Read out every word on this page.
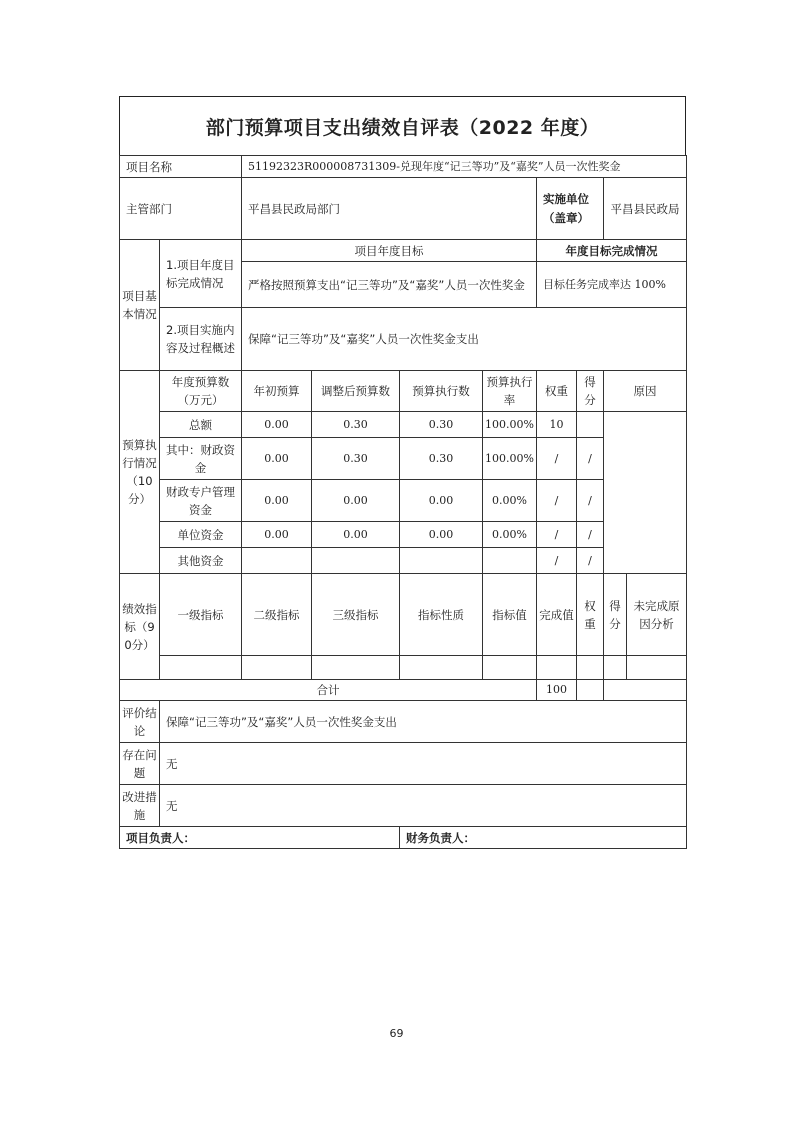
部门预算项目支出绩效自评表（2022 年度）
项目名称		51192323R000008731309-兑现年度“记三等功”及“嘉奖”人员一次性奖金							
主管部门		平昌县民政局部门				实施单位（盖章）		平昌县民政局	
项目基本情况	1.项目年度目标完成情况	项目年度目标				年度目标完成情况			
		严格按照预算支出“记三等功”及“嘉奖”人员一次性奖金				目标任务完成率达 100%			
	2.项目实施内容及过程概述	保障“记三等功”及“嘉奖”人员一次性奖金支出							
预算执行情况（10分）	年度预算数（万元）	年初预算	调整后预算数	预算执行数	预算执行率	权重	得分	原因	
	总额	0.00	0.30	0.30	100.00%	10			
	其中：财政资金	0.00	0.30	0.30	100.00%	/	/		
	财政专户管理资金	0.00	0.00	0.00	0.00%	/	/		
	单位资金	0.00	0.00	0.00	0.00%	/	/		
	其他资金					/	/		
绩效指标（90分）	一级指标	二级指标	三级指标	指标性质	指标值	完成值	权重	得分	未完成原因分析

合计						100			
评价结论	保障“记三等功”及“嘉奖”人员一次性奖金支出								
存在问题	无								
改进措施	无								
项目负责人：				财务负责人：					
69
